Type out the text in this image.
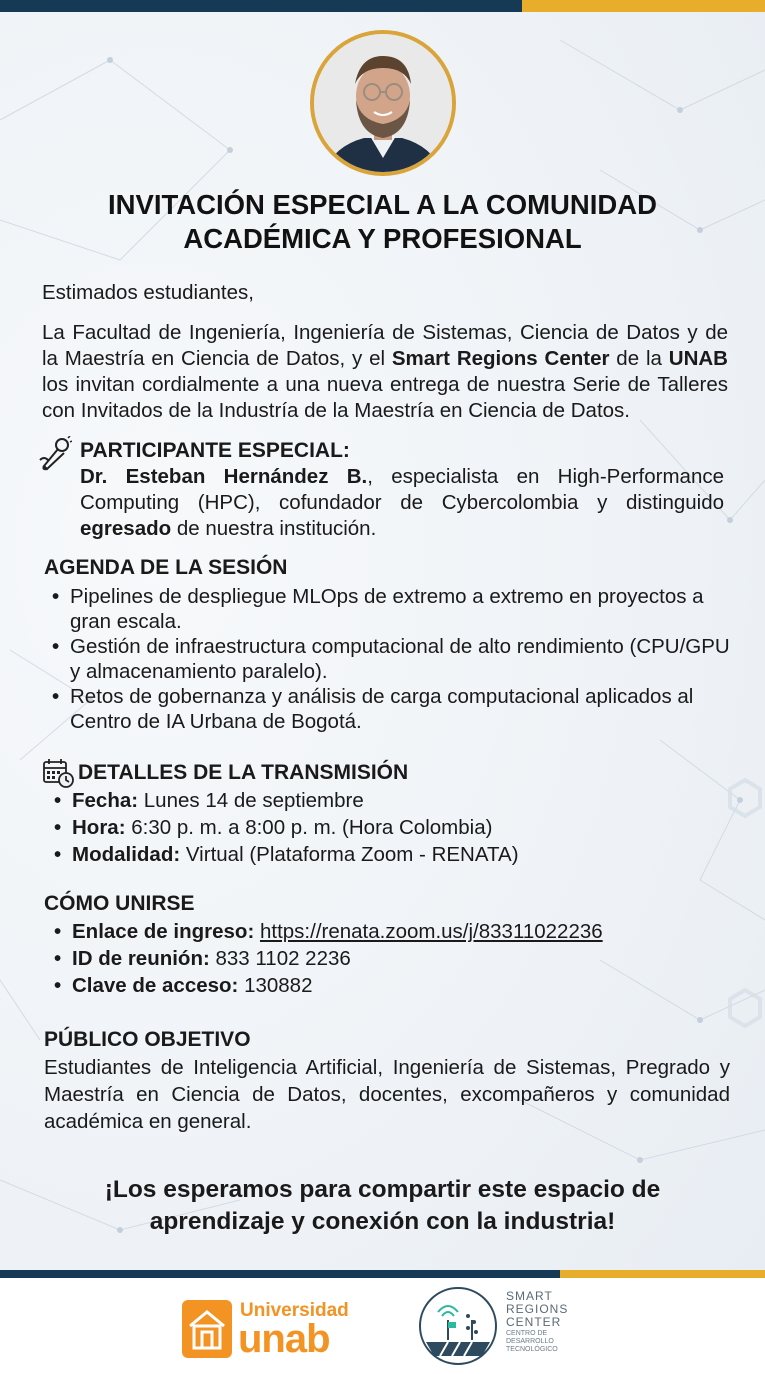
INVITACIÓN ESPECIAL A LA COMUNIDAD
ACADÉMICA Y PROFESIONAL

Estimados estudiantes,

La Facultad de Ingeniería, Ingeniería de Sistemas, Ciencia de Datos y de la Maestría en Ciencia de Datos, y el Smart Regions Center de la UNAB los invitan cordialmente a una nueva entrega de nuestra Serie de Talleres con Invitados de la Industría de la Maestría en Ciencia de Datos.

PARTICIPANTE ESPECIAL:

Dr. Esteban Hernández B., especialista en High-Performance Computing (HPC), cofundador de Cybercolombia y distinguido egresado de nuestra institución.

AGENDA DE LA SESIÓN
• Pipelines de despliegue MLOps de extremo a extremo en proyectos a gran escala.
• Gestión de infraestructura computacional de alto rendimiento (CPU/GPU y almacenamiento paralelo).
• Retos de gobernanza y análisis de carga computacional aplicados al Centro de IA Urbana de Bogotá.
DETALLES DE LA TRANSMISIÓN
• Fecha: Lunes 14 de septiembre
• Hora: 6:30 p. m. a 8:00 p. m. (Hora Colombia)
• Modalidad: Virtual (Plataforma Zoom - RENATA)
CÓMO UNIRSE
• Enlace de ingreso: https://renata.zoom.us/j/83311022236
• ID de reunión: 833 1102 2236
• Clave de acceso: 130882
PÚBLICO OBJETIVO

Estudiantes de Inteligencia Artificial, Ingeniería de Sistemas, Pregrado y Maestría en Ciencia de Datos, docentes, excompañeros y comunidad académica en general.

¡Los esperamos para compartir este espacio de
aprendizaje y conexión con la industria!

Universidad
unab
SMART REGIONS CENTER
CENTRO DE DESARROLLO TECNOLÓGICO
